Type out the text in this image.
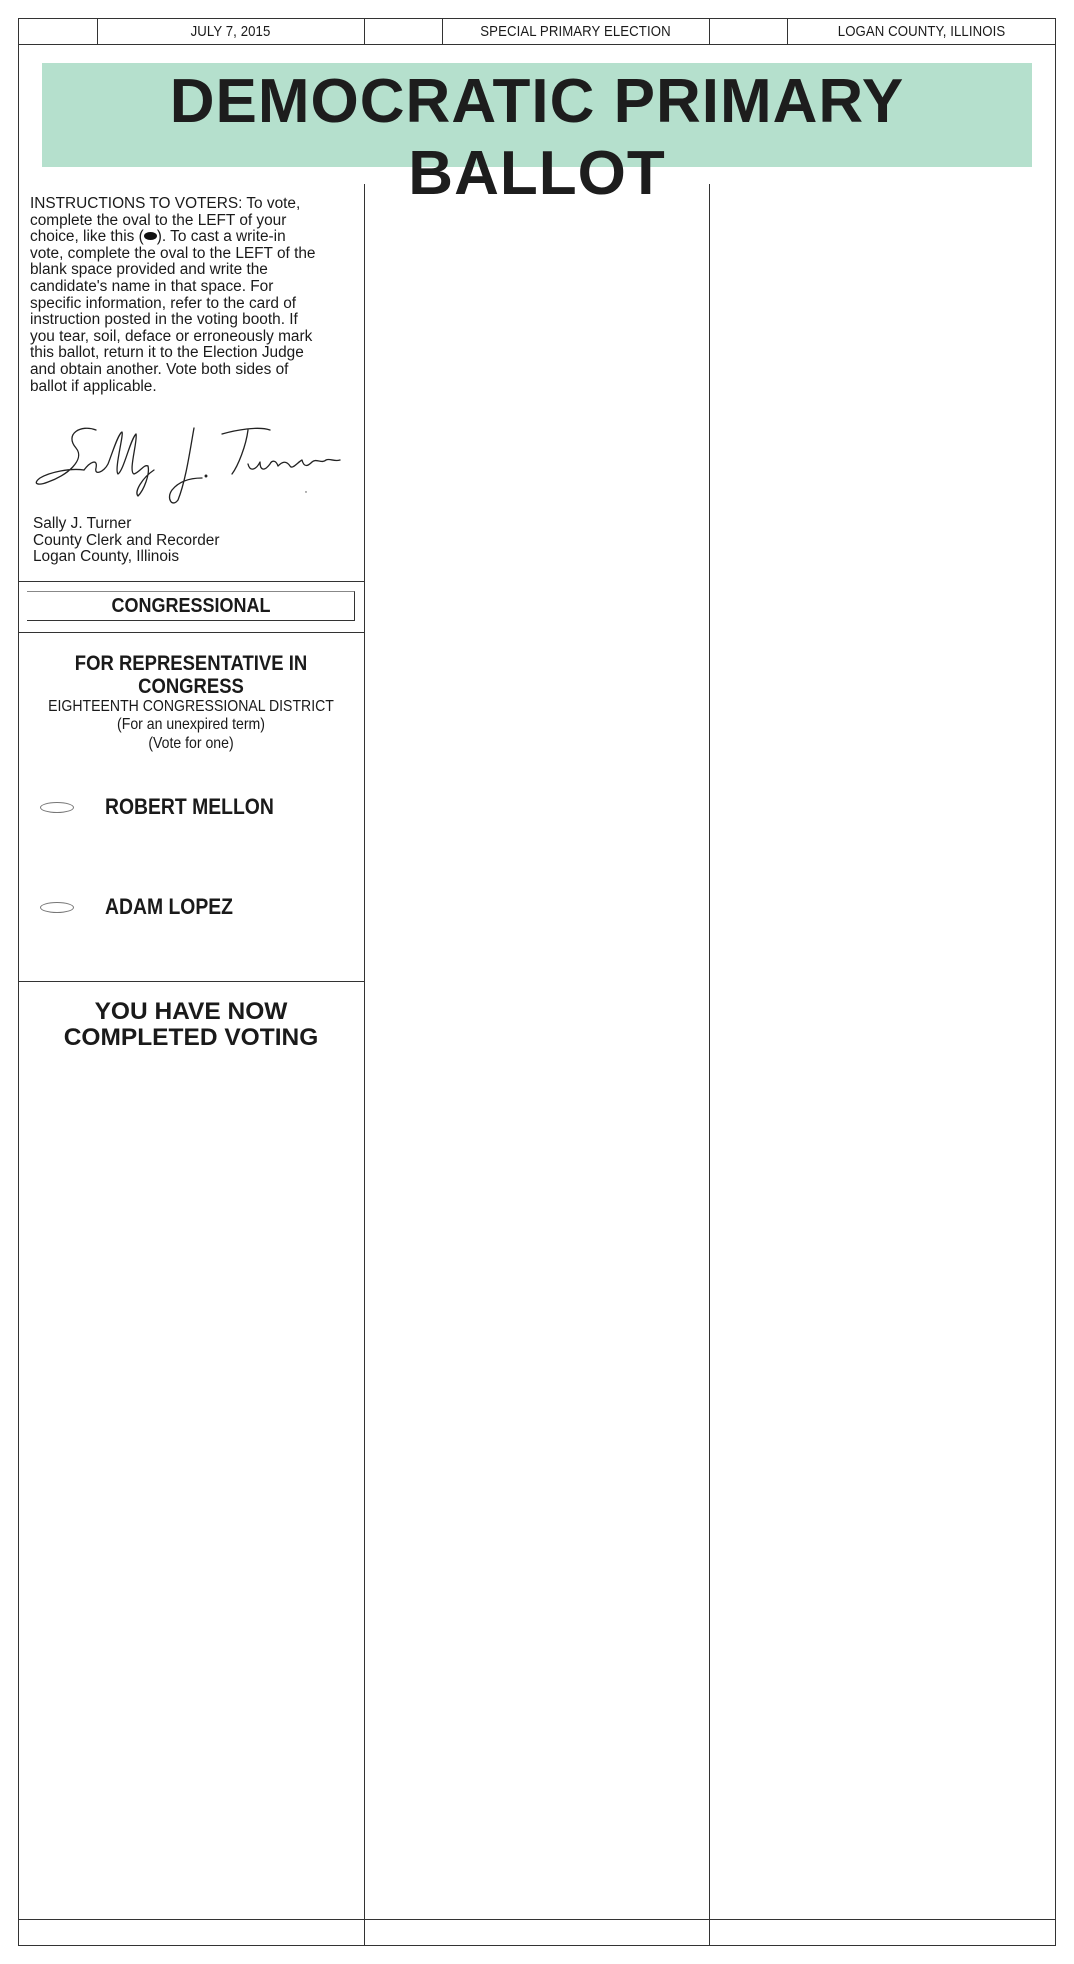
JULY 7, 2015	SPECIAL PRIMARY ELECTION	LOGAN COUNTY, ILLINOIS
DEMOCRATIC PRIMARY BALLOT
INSTRUCTIONS TO VOTERS: To vote,
complete the oval to the LEFT of your
choice, like this ( ). To cast a write-in
vote, complete the oval to the LEFT of the
blank space provided and write the
candidate's name in that space. For
specific information, refer to the card of
instruction posted in the voting booth. If
you tear, soil, deface or erroneously mark
this ballot, return it to the Election Judge
and obtain another. Vote both sides of
ballot if applicable.
Sally J. Turner
County Clerk and Recorder
Logan County, Illinois
CONGRESSIONAL
FOR REPRESENTATIVE IN
CONGRESS
EIGHTEENTH CONGRESSIONAL DISTRICT
(For an unexpired term)
(Vote for one)
ROBERT MELLON
ADAM LOPEZ
YOU HAVE NOW
COMPLETED VOTING
